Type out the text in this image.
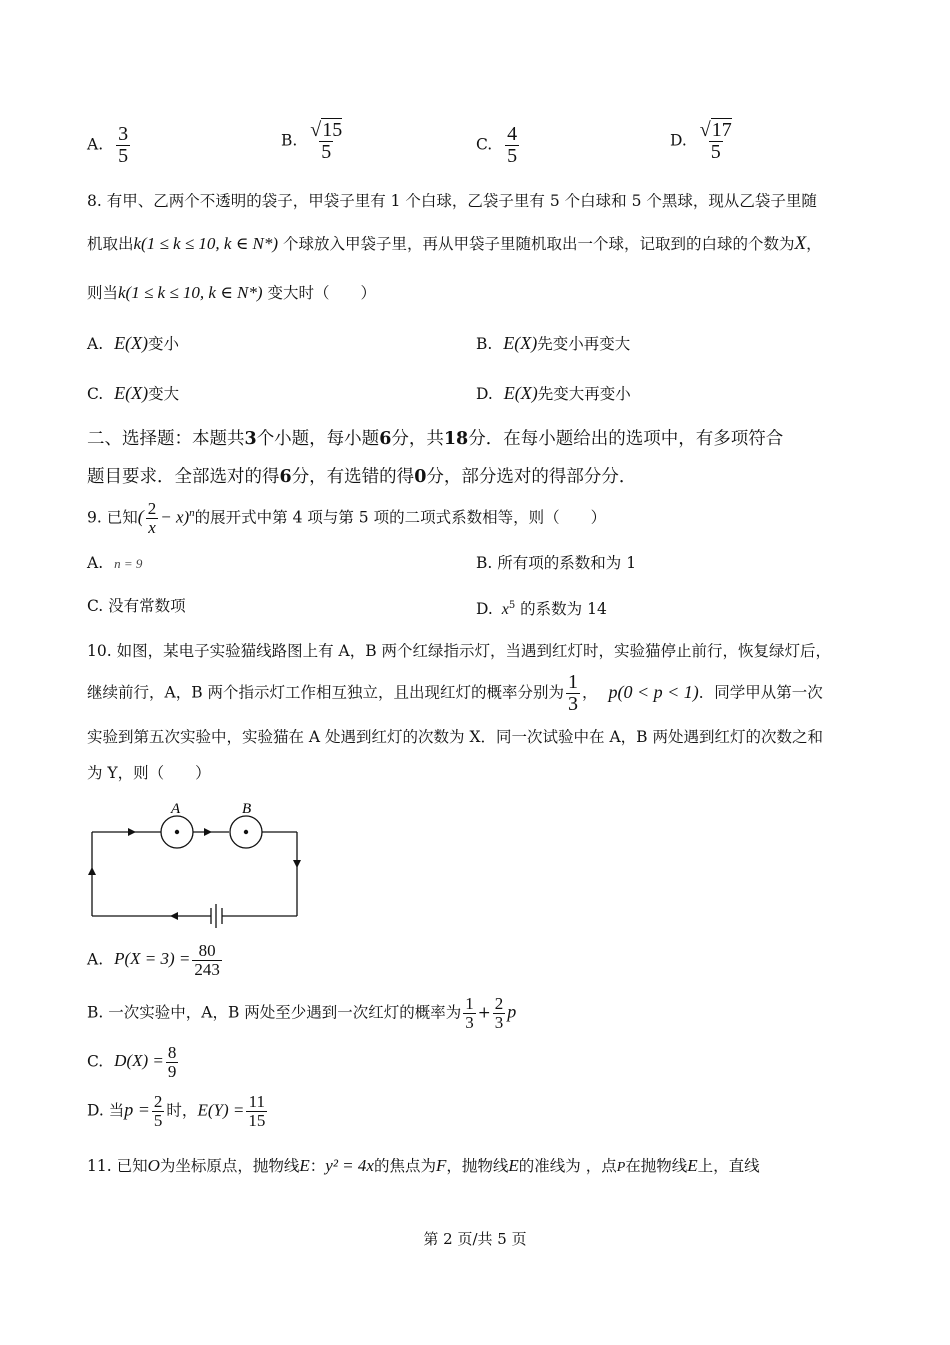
A. $\frac{3}{5}$	B. $\frac{√15}{5}$	C. $\frac{4}{5}$	D. $\frac{√17}{5}$
8. 有甲、乙两个不透明的袋子，甲袋子里有 1 个白球，乙袋子里有 5 个白球和 5 个黑球，现从乙袋子里随
机取出k(1 ≤ k ≤ 10, k ∈ N*) 个球放入甲袋子里，再从甲袋子里随机取出一个球，记取到的白球的个数为X，
则当k(1 ≤ k ≤ 10, k ∈ N*) 变大时（　　）
A. E(X)变小	B. E(X)先变小再变大
C. E(X)变大	D. E(X)先变大再变小
二、选择题：本题共3个小题，每小题6分，共18分．在每小题给出的选项中，有多项符合
题目要求．全部选对的得6分，有选错的得0分，部分选对的得部分分．
9. 已知( $\frac{2}{x} - x)^n$的展开式中第 4 项与第 5 项的二项式系数相等，则（　　）
A. n = 9	B. 所有项的系数和为 1
C. 没有常数项	D. $x^5$ 的系数为 14
10. 如图，某电子实验猫线路图上有 A，B 两个红绿指示灯，当遇到红灯时，实验猫停止前行，恢复绿灯后，
继续前行，A，B 两个指示灯工作相互独立，且出现红灯的概率分别为 $\frac{1}{3}$ ， p(0 < p < 1)．同学甲从第一次
实验到第五次实验中，实验猫在 A 处遇到红灯的次数为 X．同一次试验中在 A，B 两处遇到红灯的次数之和
为 Y，则（　　）
A	B
A. $P(X = 3) = \frac{80}{243}$
B. 一次实验中，A，B 两处至少遇到一次红灯的概率为 $\frac{1}{3} + \frac{2}{3}$ p
C. $D(X) = \frac{8}{9}$
D. 当$p = \frac{2}{5}$ 时，$E(Y) = \frac{11}{15}$
11. 已知O为坐标原点，抛物线E：y² = 4x的焦点为F，抛物线E的准线为 ，点P在抛物线E上，直线
第 2 页/共 5 页
